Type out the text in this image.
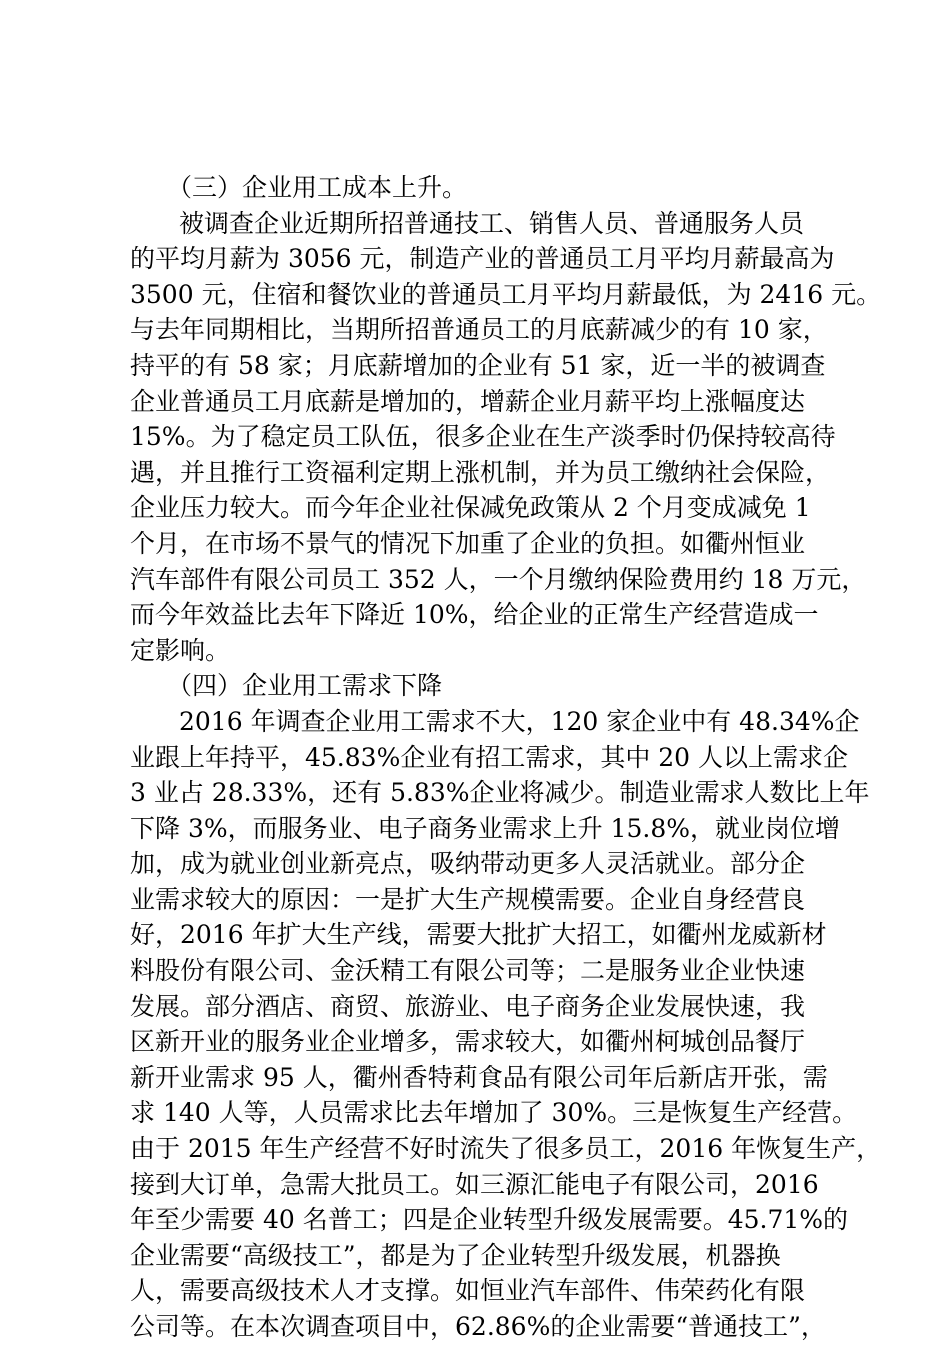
（三）企业用工成本上升。
被调查企业近期所招普通技工、销售人员、普通服务人员
的平均月薪为 3056 元，制造产业的普通员工月平均月薪最高为
3500 元，住宿和餐饮业的普通员工月平均月薪最低，为 2416 元。
与去年同期相比，当期所招普通员工的月底薪减少的有 10 家，
持平的有 58 家；月底薪增加的企业有 51 家，近一半的被调查
企业普通员工月底薪是增加的，增薪企业月薪平均上涨幅度达
15%。为了稳定员工队伍，很多企业在生产淡季时仍保持较高待
遇，并且推行工资福利定期上涨机制，并为员工缴纳社会保险，
企业压力较大。而今年企业社保减免政策从 2 个月变成减免 1
个月，在市场不景气的情况下加重了企业的负担。如衢州恒业
汽车部件有限公司员工 352 人，一个月缴纳保险费用约 18 万元，
而今年效益比去年下降近 10%，给企业的正常生产经营造成一
定影响。
（四）企业用工需求下降
2016 年调查企业用工需求不大，120 家企业中有 48.34%企
业跟上年持平，45.83%企业有招工需求，其中 20 人以上需求企
3 业占 28.33%，还有 5.83%企业将减少。制造业需求人数比上年
下降 3%，而服务业、电子商务业需求上升 15.8%，就业岗位增
加，成为就业创业新亮点，吸纳带动更多人灵活就业。部分企
业需求较大的原因：一是扩大生产规模需要。企业自身经营良
好，2016 年扩大生产线，需要大批扩大招工，如衢州龙威新材
料股份有限公司、金沃精工有限公司等；二是服务业企业快速
发展。部分酒店、商贸、旅游业、电子商务企业发展快速，我
区新开业的服务业企业增多，需求较大，如衢州柯城创品餐厅
新开业需求 95 人，衢州香特莉食品有限公司年后新店开张，需
求 140 人等，人员需求比去年增加了 30%。三是恢复生产经营。
由于 2015 年生产经营不好时流失了很多员工，2016 年恢复生产，
接到大订单，急需大批员工。如三源汇能电子有限公司，2016
年至少需要 40 名普工；四是企业转型升级发展需要。45.71%的
企业需要“高级技工”，都是为了企业转型升级发展，机器换
人，需要高级技术人才支撑。如恒业汽车部件、伟荣药化有限
公司等。在本次调查项目中，62.86%的企业需要“普通技工”，
